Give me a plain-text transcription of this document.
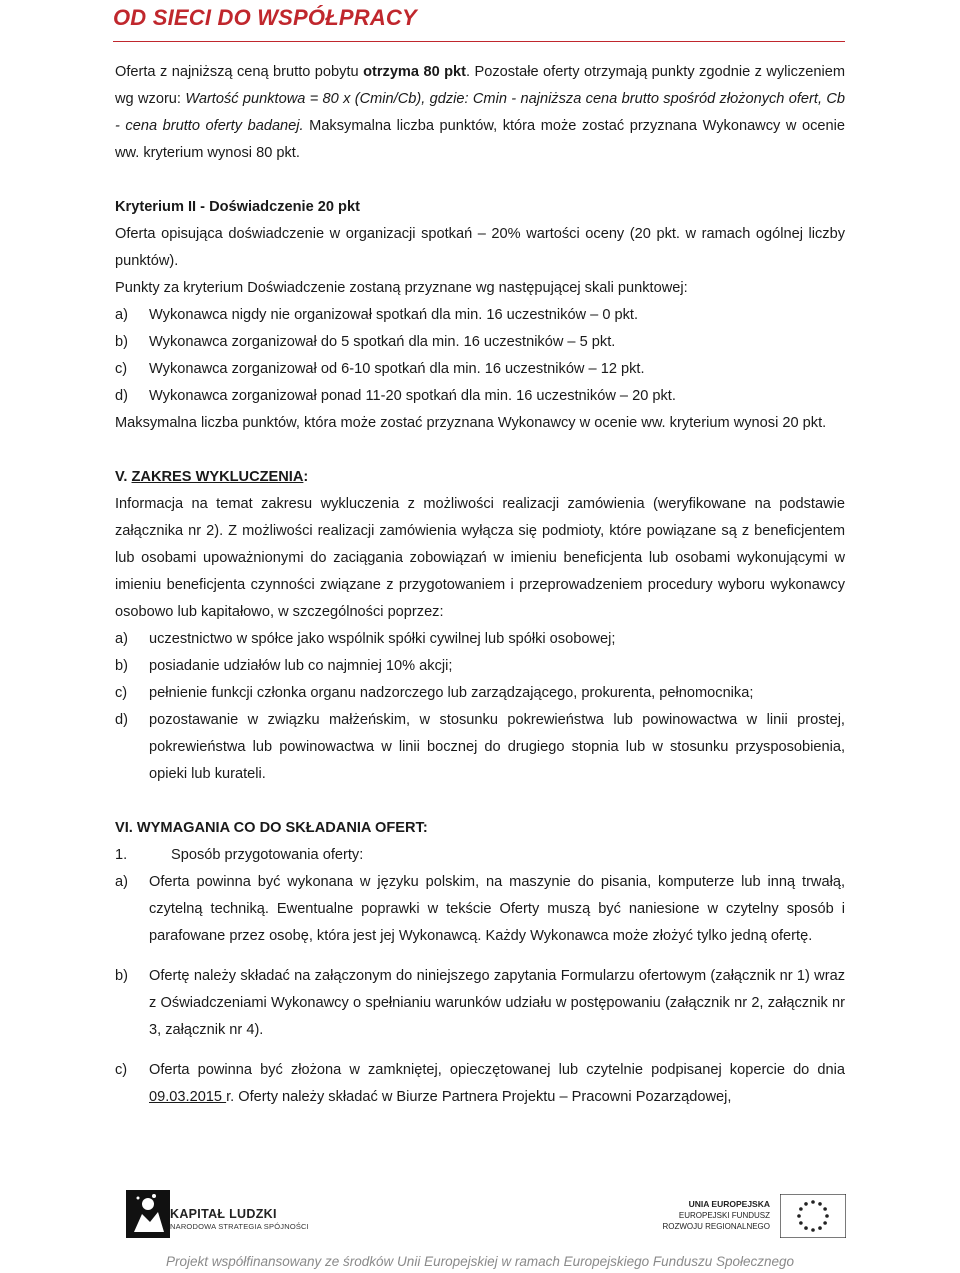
OD SIECI DO WSPÓŁPRACY

Oferta z najniższą ceną brutto pobytu otrzyma 80 pkt. Pozostałe oferty otrzymają punkty zgodnie z wyliczeniem wg wzoru: Wartość punktowa = 80 x (Cmin/Cb), gdzie: Cmin - najniższa cena brutto spośród złożonych ofert, Cb - cena brutto oferty badanej. Maksymalna liczba punktów, która może zostać przyznana Wykonawcy w ocenie ww. kryterium wynosi 80 pkt.

Kryterium II - Doświadczenie 20 pkt

Oferta opisująca doświadczenie w organizacji spotkań – 20% wartości oceny (20 pkt. w ramach ogólnej liczby punktów).

Punkty za kryterium Doświadczenie zostaną przyznane wg następującej skali punktowej:

a)	Wykonawca nigdy nie organizował spotkań dla min. 16 uczestników – 0 pkt.
b)	Wykonawca zorganizował do 5 spotkań dla min. 16 uczestników – 5 pkt.
c)	Wykonawca zorganizował od 6-10 spotkań dla min. 16 uczestników – 12 pkt.
d)	Wykonawca zorganizował ponad 11-20 spotkań dla min. 16 uczestników – 20 pkt.

Maksymalna liczba punktów, która może zostać przyznana Wykonawcy w ocenie ww. kryterium wynosi 20 pkt.

V. ZAKRES WYKLUCZENIA:

Informacja na temat zakresu wykluczenia z możliwości realizacji zamówienia (weryfikowane na podstawie załącznika nr 2). Z możliwości realizacji zamówienia wyłącza się podmioty, które powiązane są z beneficjentem lub osobami upoważnionymi do zaciągania zobowiązań w imieniu beneficjenta lub osobami wykonującymi w imieniu beneficjenta czynności związane z przygotowaniem i przeprowadzeniem procedury wyboru wykonawcy osobowo lub kapitałowo, w szczególności poprzez:

a)	uczestnictwo w spółce jako wspólnik spółki cywilnej lub spółki osobowej;
b)	posiadanie udziałów lub co najmniej 10% akcji;
c)	pełnienie funkcji członka organu nadzorczego lub zarządzającego, prokurenta, pełnomocnika;
d)	pozostawanie w związku małżeńskim, w stosunku pokrewieństwa lub powinowactwa w linii prostej, pokrewieństwa lub powinowactwa w linii bocznej do drugiego stopnia lub w stosunku przysposobienia, opieki lub kurateli.

VI. WYMAGANIA CO DO SKŁADANIA OFERT:

1.	Sposób przygotowania oferty:
a)	Oferta powinna być wykonana w języku polskim, na maszynie do pisania, komputerze lub inną trwałą, czytelną techniką. Ewentualne poprawki w tekście Oferty muszą być naniesione w czytelny sposób i parafowane przez osobę, która jest jej Wykonawcą. Każdy Wykonawca może złożyć tylko jedną ofertę.
b)	Ofertę należy składać na załączonym do niniejszego zapytania Formularzu ofertowym (załącznik nr 1) wraz z Oświadczeniami Wykonawcy o spełnianiu warunków udziału w postępowaniu (załącznik nr 2, załącznik nr 3, załącznik nr 4).
c)	Oferta powinna być złożona w zamkniętej, opieczętowanej lub czytelnie podpisanej kopercie do dnia 09.03.2015 r. Oferty należy składać w Biurze Partnera Projektu – Pracowni Pozarządowej,
KAPITAŁ LUDZKI
NARODOWA STRATEGIA SPÓJNOŚCI
UNIA EUROPEJSKA
EUROPEJSKI FUNDUSZ
ROZWOJU REGIONALNEGO
Projekt współfinansowany ze środków Unii Europejskiej w ramach Europejskiego Funduszu Społecznego
